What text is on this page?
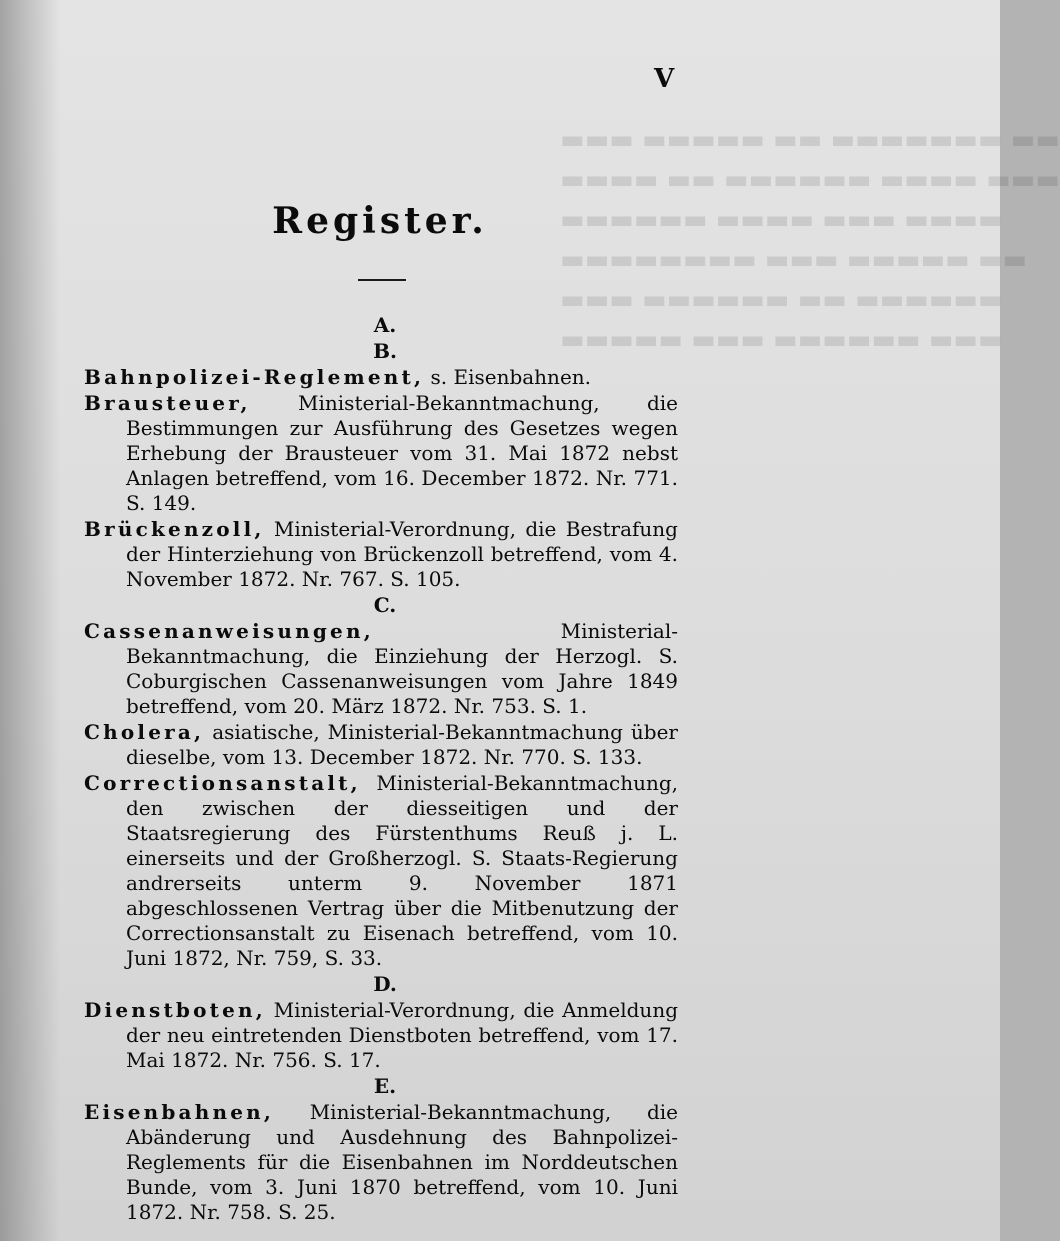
▬▬▬ ▬▬▬▬▬ ▬▬ ▬▬▬▬▬▬▬ ▬▬
▬▬▬▬ ▬▬ ▬▬▬▬▬▬ ▬▬▬▬ ▬▬▬
▬▬▬▬▬▬ ▬▬▬▬ ▬▬▬ ▬▬▬▬
▬▬▬▬▬▬▬▬ ▬▬▬ ▬▬▬▬▬ ▬▬
▬▬▬ ▬▬▬▬▬▬ ▬▬ ▬▬▬▬▬▬
▬▬▬▬▬ ▬▬▬ ▬▬▬▬▬▬ ▬▬▬
V
Register.
A.
B.

Bahnpolizei-Reglement, s. Eisenbahnen.

Brausteuer, Ministerial-Bekanntmachung, die Bestimmungen zur Ausführung des Gesetzes wegen Erhebung der Brausteuer vom 31. Mai 1872 nebst Anlagen betreffend, vom 16. December 1872. Nr. 771. S. 149.

Brückenzoll, Ministerial-Verordnung, die Bestrafung der Hinterziehung von Brückenzoll betreffend, vom 4. November 1872. Nr. 767. S. 105.

C.

Cassenanweisungen, Ministerial-Bekanntmachung, die Einziehung der Herzogl. S. Coburgischen Cassenanweisungen vom Jahre 1849 betreffend, vom 20. März 1872. Nr. 753. S. 1.

Cholera, asiatische, Ministerial-Bekanntmachung über dieselbe, vom 13. December 1872. Nr. 770. S. 133.

Correctionsanstalt, Ministerial-Bekanntmachung, den zwischen der diesseitigen und der Staatsregierung des Fürstenthums Reuß j. L. einerseits und der Großherzogl. S. Staats-Regierung andrerseits unterm 9. November 1871 abgeschlossenen Vertrag über die Mitbenutzung der Correctionsanstalt zu Eisenach betreffend, vom 10. Juni 1872, Nr. 759, S. 33.

D.

Dienstboten, Ministerial-Verordnung, die Anmeldung der neu eintretenden Dienstboten betreffend, vom 17. Mai 1872. Nr. 756. S. 17.

E.

Eisenbahnen, Ministerial-Bekanntmachung, die Abänderung und Ausdehnung des Bahnpolizei-Reglements für die Eisenbahnen im Norddeutschen Bunde, vom 3. Juni 1870 betreffend, vom 10. Juni 1872. Nr. 758. S. 25.
